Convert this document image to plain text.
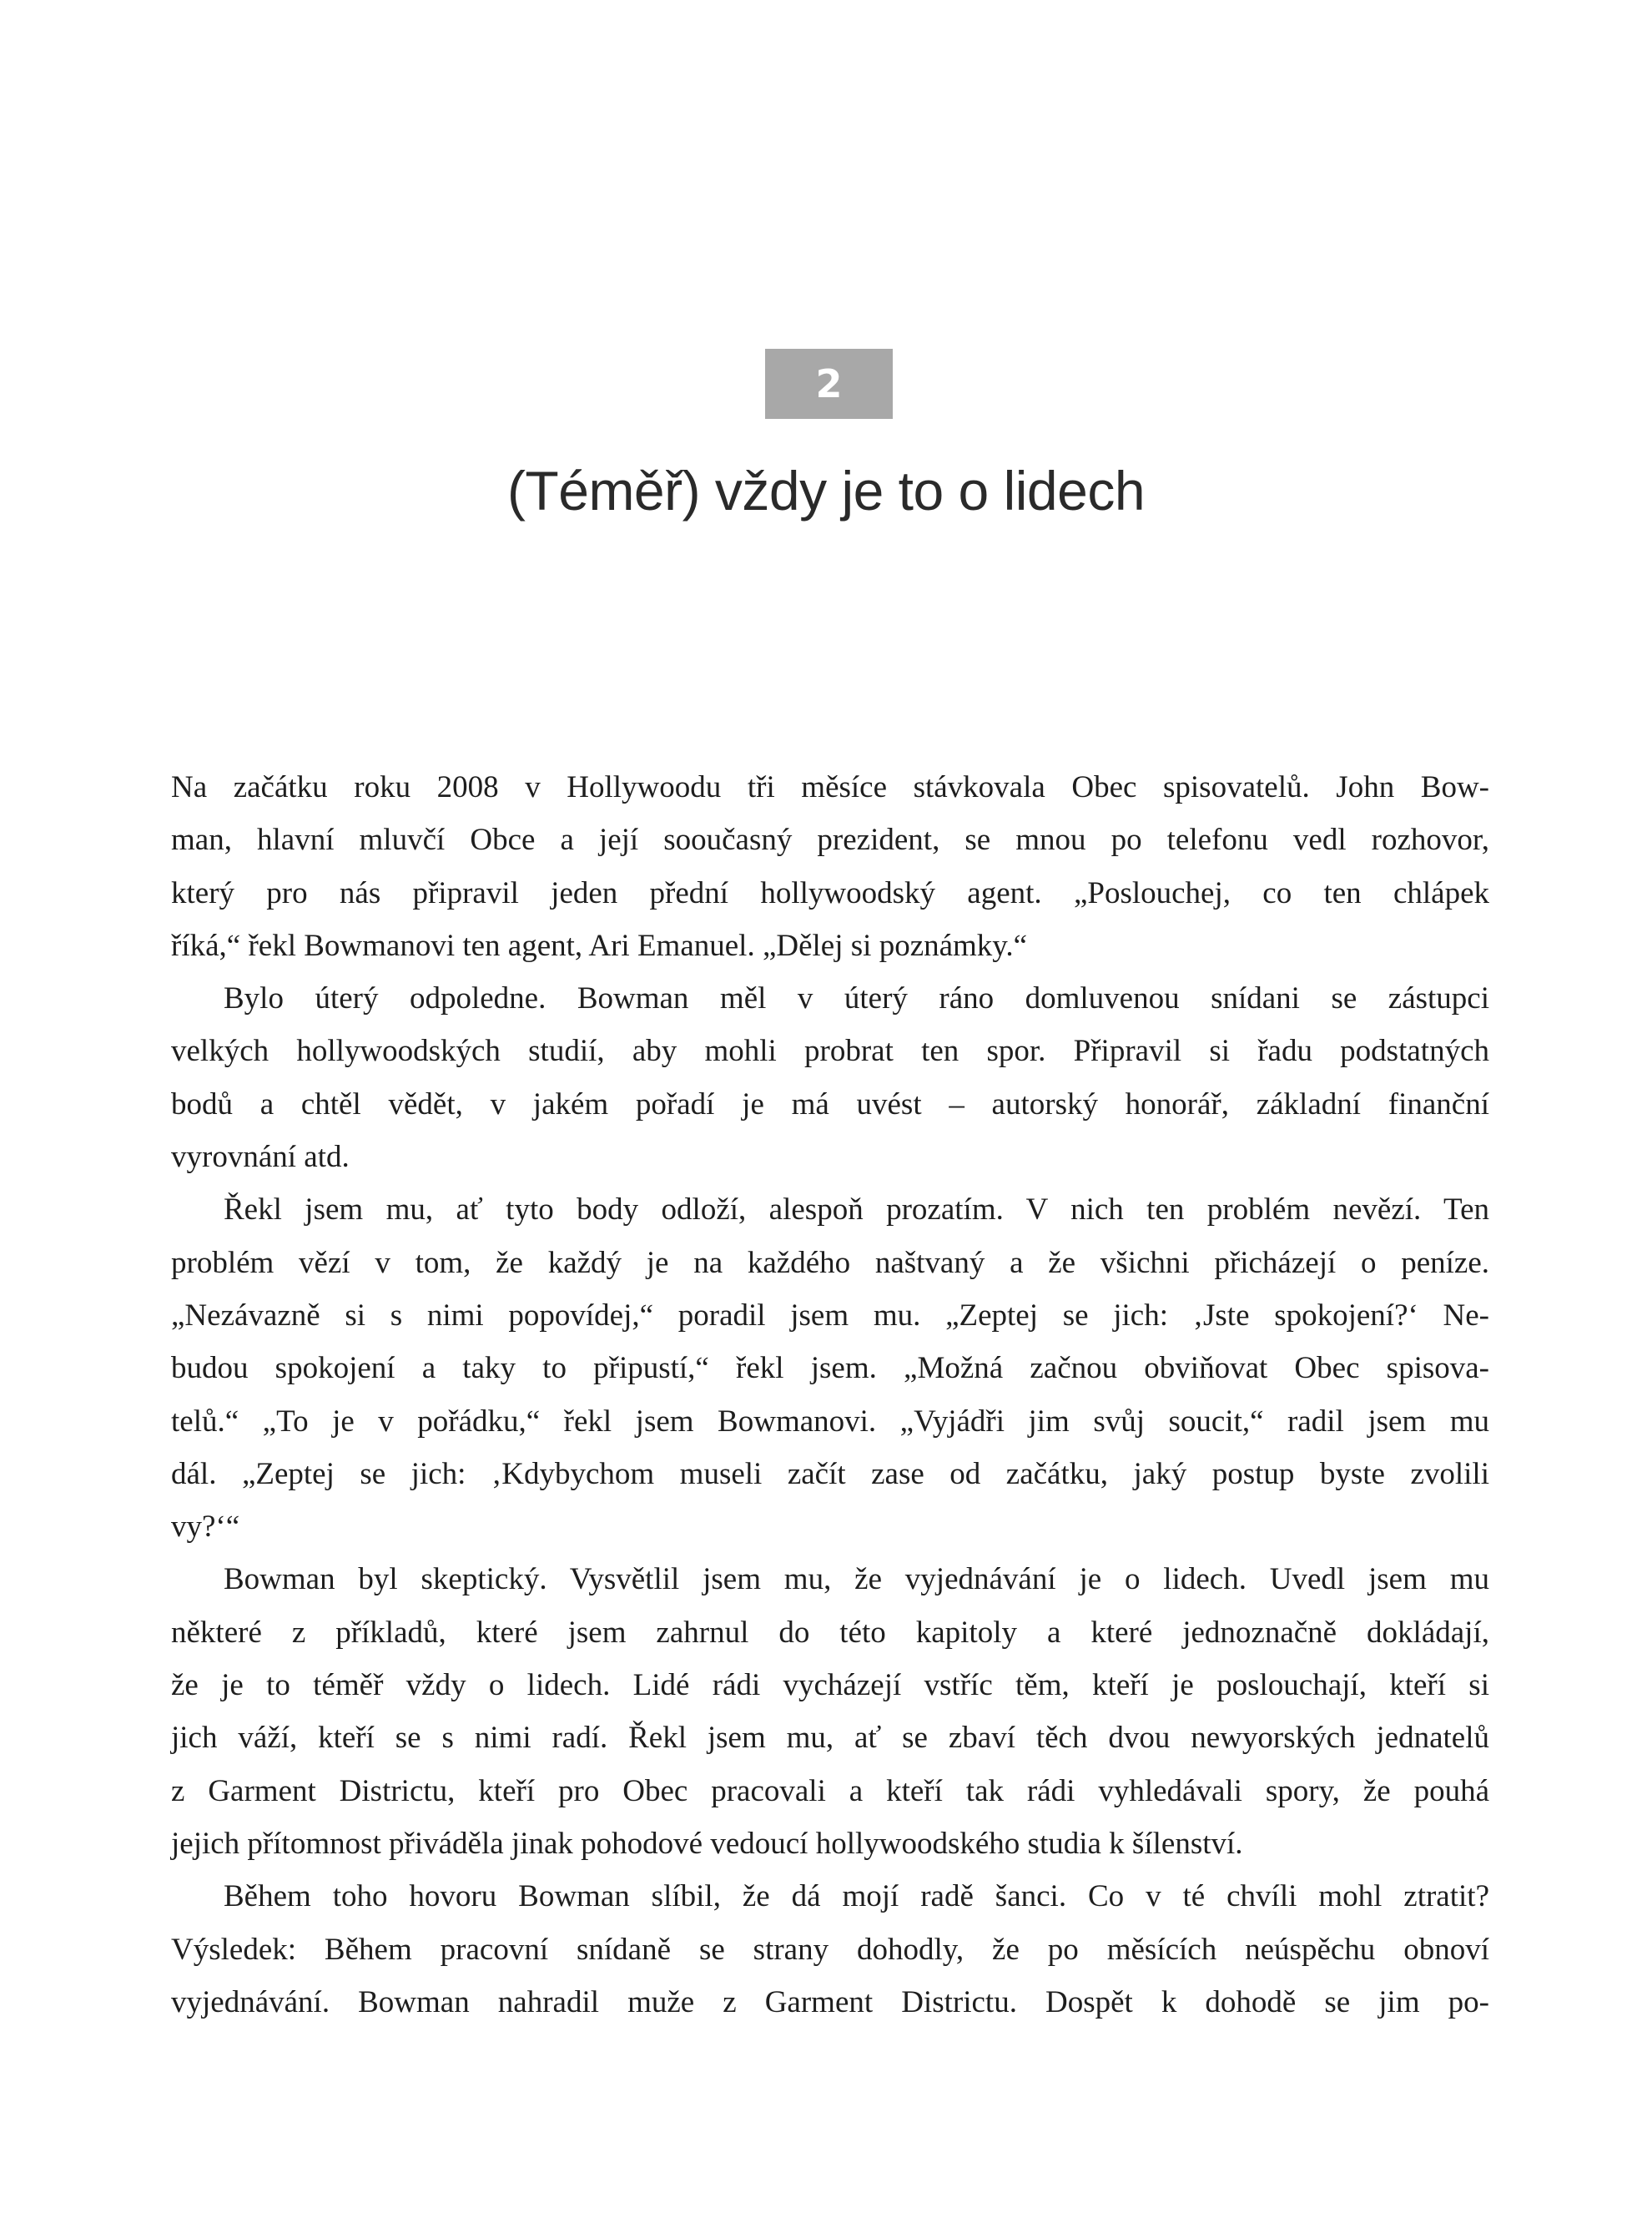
2
(Téměř) vždy je to o lidech
Na začátku roku 2008 v Hollywoodu tři měsíce stávkovala Obec spisovatelů. John Bow-
man, hlavní mluvčí Obce a její sooučasný prezident, se mnou po telefonu vedl rozhovor,
který pro nás připravil jeden přední hollywoodský agent. „Poslouchej, co ten chlápek
říká,“ řekl Bowmanovi ten agent, Ari Emanuel. „Dělej si poznámky.“
Bylo úterý odpoledne. Bowman měl v úterý ráno domluvenou snídani se zástupci
velkých hollywoodských studií, aby mohli probrat ten spor. Připravil si řadu podstatných
bodů a chtěl vědět, v jakém pořadí je má uvést – autorský honorář, základní finanční
vyrovnání atd.
Řekl jsem mu, ať tyto body odloží, alespoň prozatím. V nich ten problém nevězí. Ten
problém vězí v tom, že každý je na každého naštvaný a že všichni přicházejí o peníze.
„Nezávazně si s nimi popovídej,“ poradil jsem mu. „Zeptej se jich: ‚Jste spokojení?‘ Ne-
budou spokojení a taky to připustí,“ řekl jsem. „Možná začnou obviňovat Obec spisova-
telů.“ „To je v pořádku,“ řekl jsem Bowmanovi. „Vyjádři jim svůj soucit,“ radil jsem mu
dál. „Zeptej se jich: ‚Kdybychom museli začít zase od začátku, jaký postup byste zvolili
vy?‘“
Bowman byl skeptický. Vysvětlil jsem mu, že vyjednávání je o lidech. Uvedl jsem mu
některé z příkladů, které jsem zahrnul do této kapitoly a které jednoznačně dokládají,
že je to téměř vždy o lidech. Lidé rádi vycházejí vstříc těm, kteří je poslouchají, kteří si
jich váží, kteří se s nimi radí. Řekl jsem mu, ať se zbaví těch dvou newyorských jednatelů
z Garment Districtu, kteří pro Obec pracovali a kteří tak rádi vyhledávali spory, že pouhá
jejich přítomnost přiváděla jinak pohodové vedoucí hollywoodského studia k šílenství.
Během toho hovoru Bowman slíbil, že dá mojí radě šanci. Co v té chvíli mohl ztratit?
Výsledek: Během pracovní snídaně se strany dohodly, že po měsících neúspěchu obnoví
vyjednávání. Bowman nahradil muže z Garment Districtu. Dospět k dohodě se jim po-
